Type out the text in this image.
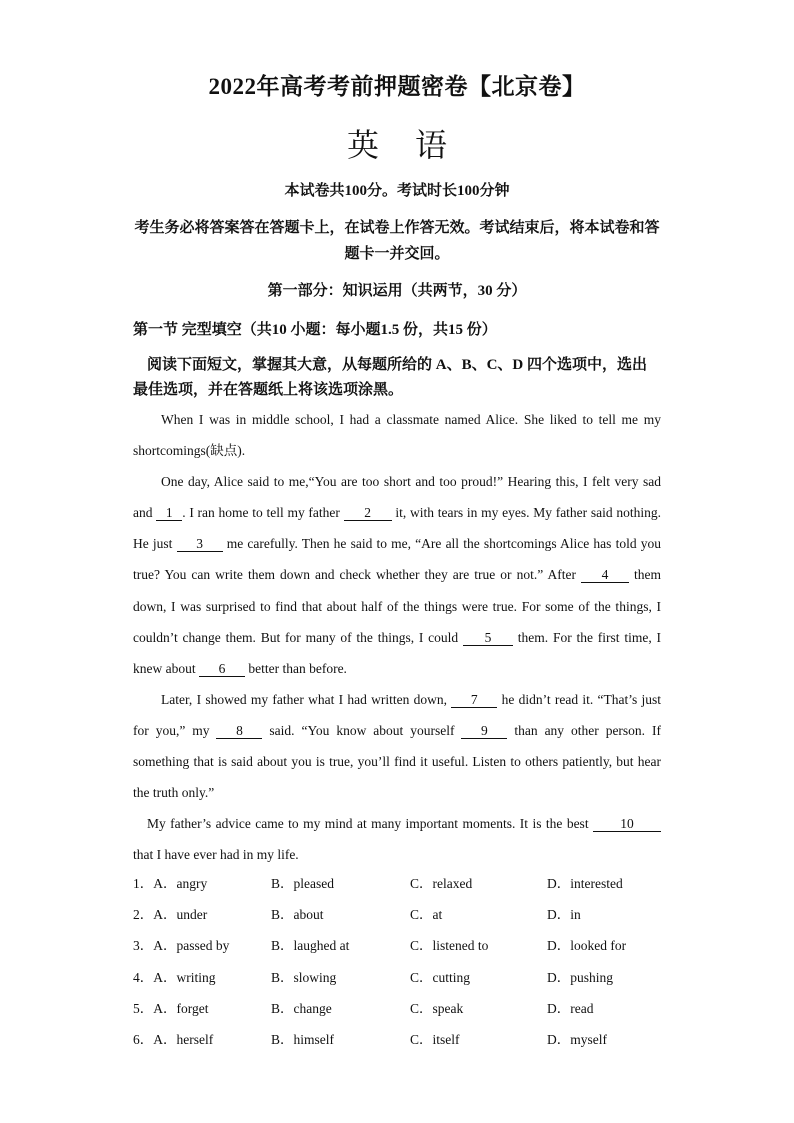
2022年高考考前押题密卷【北京卷】
英 语
本试卷共100分。考试时长100分钟
考生务必将答案答在答题卡上，在试卷上作答无效。考试结束后，将本试卷和答题卡一并交回。
第一部分：知识运用（共两节，30 分）
第一节 完型填空（共10 小题：每小题1.5 份，共15 份）
阅读下面短文，掌握其大意，从每题所给的 A、B、C、D 四个选项中，选出最佳选项，并在答题纸上将该选项涂黑。

When I was in middle school, I had a classmate named Alice. She liked to tell me my shortcomings(缺点).

One day, Alice said to me,“You are too short and too proud!” Hearing this, I felt very sad and 1 . I ran home to tell my father 2 it, with tears in my eyes. My father said nothing. He just 3 me carefully. Then he said to me, “Are all the shortcomings Alice has told you true? You can write them down and check whether they are true or not.” After 4 them down, I was surprised to find that about half of the things were true. For some of the things, I couldn’t change them. But for many of the things, I could 5 them. For the first time, I knew about 6 better than before.

Later, I showed my father what I had written down, 7 he didn’t read it. “That’s just for you,” my 8 said. “You know about yourself 9 than any other person. If something that is said about you is true, you’ll find it useful. Listen to others patiently, but hear the truth only.”

My father’s advice came to my mind at many important moments. It is the best 10 that I have ever had in my life.

1．A．angry	B．pleased	C．relaxed	D．interested
2．A．under	B．about	C．at	D．in
3．A．passed by	B．laughed at	C．listened to	D．looked for
4．A．writing	B．slowing	C．cutting	D．pushing
5．A．forget	B．change	C．speak	D．read
6．A．herself	B．himself	C．itself	D．myself
